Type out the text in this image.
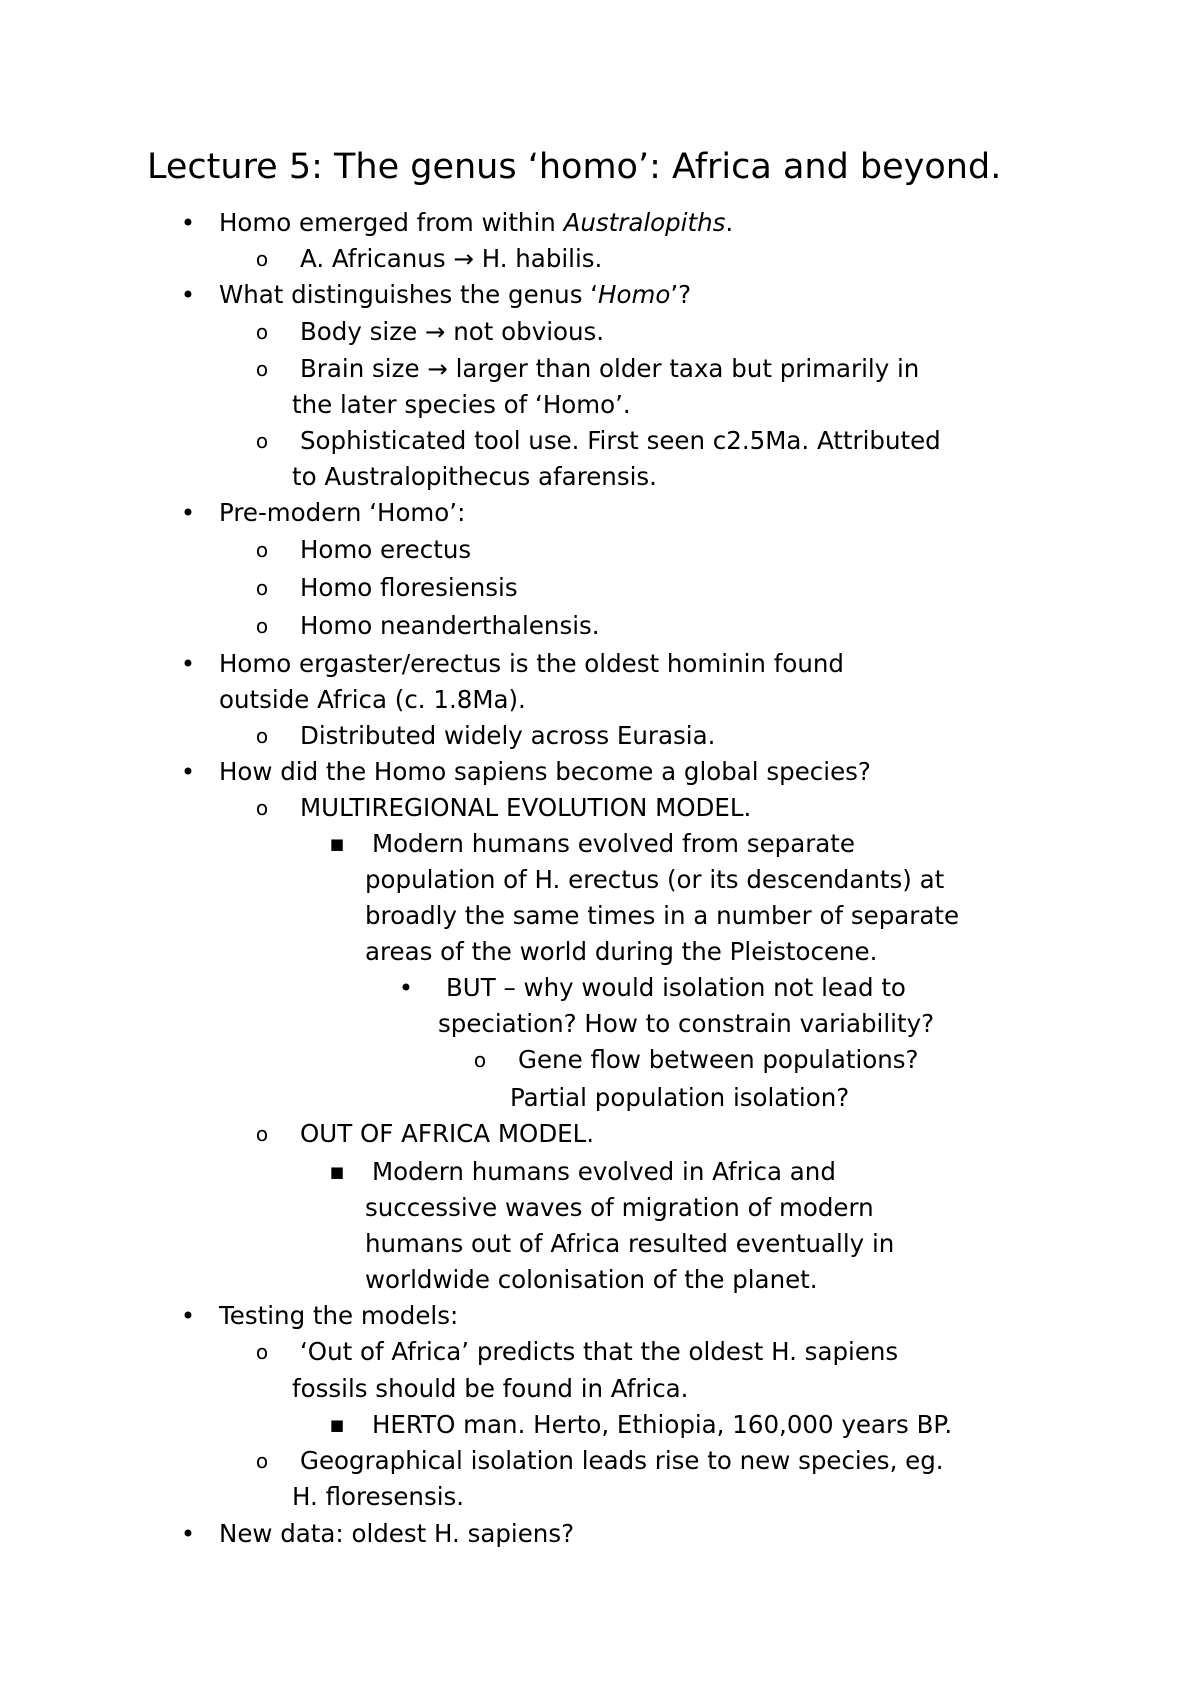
Lecture 5: The genus ‘homo’: Africa and beyond.
• Homo emerged from within Australopiths.
o A. Africanus → H. habilis.
• What distinguishes the genus ‘Homo’?
o Body size → not obvious.
o Brain size → larger than older taxa but primarily in
the later species of ‘Homo’.
o Sophisticated tool use. First seen c2.5Ma. Attributed
to Australopithecus afarensis.
• Pre-modern ‘Homo’:
o Homo erectus
o Homo floresiensis
o Homo neanderthalensis.
• Homo ergaster/erectus is the oldest hominin found
outside Africa (c. 1.8Ma).
o Distributed widely across Eurasia.
• How did the Homo sapiens become a global species?
o MULTIREGIONAL EVOLUTION MODEL.
■ Modern humans evolved from separate
population of H. erectus (or its descendants) at
broadly the same times in a number of separate
areas of the world during the Pleistocene.
• BUT – why would isolation not lead to
speciation? How to constrain variability?
o Gene flow between populations?
Partial population isolation?
o OUT OF AFRICA MODEL.
■ Modern humans evolved in Africa and
successive waves of migration of modern
humans out of Africa resulted eventually in
worldwide colonisation of the planet.
• Testing the models:
o ‘Out of Africa’ predicts that the oldest H. sapiens
fossils should be found in Africa.
■ HERTO man. Herto, Ethiopia, 160,000 years BP.
o Geographical isolation leads rise to new species, eg.
H. floresensis.
• New data: oldest H. sapiens?
